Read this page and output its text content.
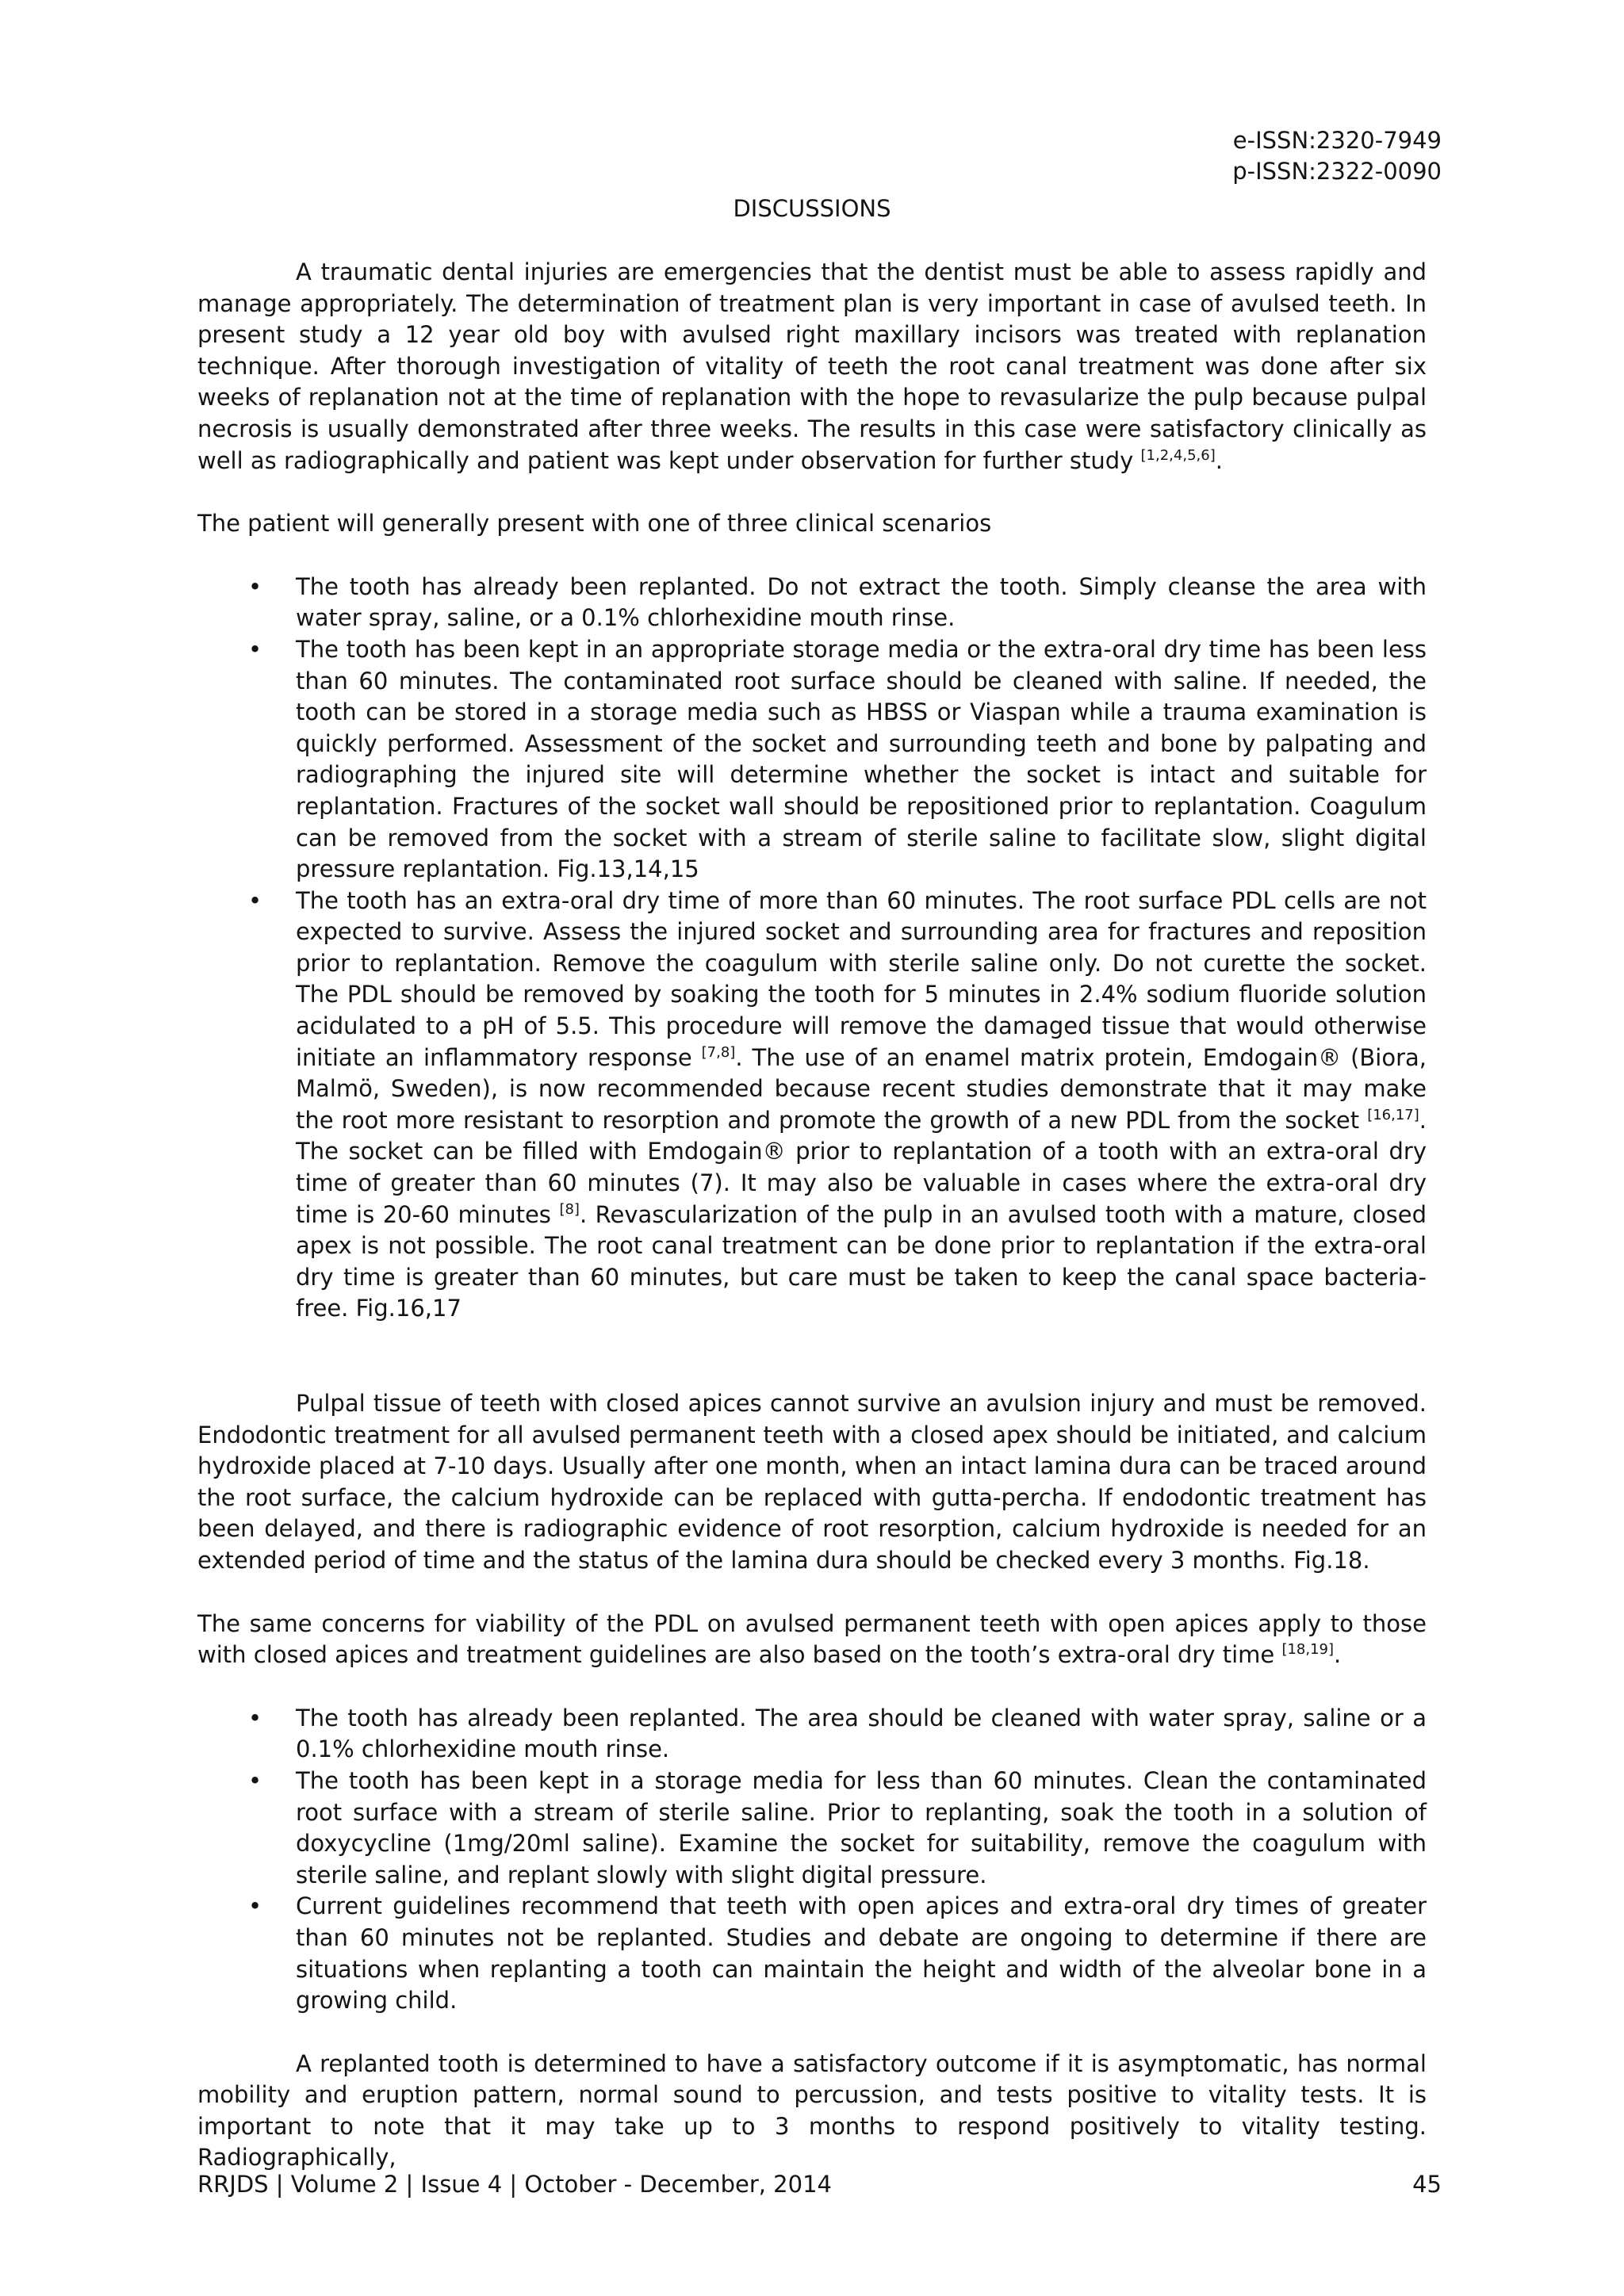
e-ISSN:2320-7949
p-ISSN:2322-0090
DISCUSSIONS

A traumatic dental injuries are emergencies that the dentist must be able to assess rapidly and manage appropriately. The determination of treatment plan is very important in case of avulsed teeth. In present study a 12 year old boy with avulsed right maxillary incisors was treated with replanation technique. After thorough investigation of vitality of teeth the root canal treatment was done after six weeks of replanation not at the time of replanation with the hope to revasularize the pulp because pulpal necrosis is usually demonstrated after three weeks. The results in this case were satisfactory clinically as well as radiographically and patient was kept under observation for further study [1,2,4,5,6].

The patient will generally present with one of three clinical scenarios

• The tooth has already been replanted. Do not extract the tooth. Simply cleanse the area with water spray, saline, or a 0.1% chlorhexidine mouth rinse.
• The tooth has been kept in an appropriate storage media or the extra-oral dry time has been less than 60 minutes. The contaminated root surface should be cleaned with saline. If needed, the tooth can be stored in a storage media such as HBSS or Viaspan while a trauma examination is quickly performed. Assessment of the socket and surrounding teeth and bone by palpating and radiographing the injured site will determine whether the socket is intact and suitable for replantation. Fractures of the socket wall should be repositioned prior to replantation. Coagulum can be removed from the socket with a stream of sterile saline to facilitate slow, slight digital pressure replantation. Fig.13,14,15
• The tooth has an extra-oral dry time of more than 60 minutes. The root surface PDL cells are not expected to survive. Assess the injured socket and surrounding area for fractures and reposition prior to replantation. Remove the coagulum with sterile saline only. Do not curette the socket. The PDL should be removed by soaking the tooth for 5 minutes in 2.4% sodium fluoride solution acidulated to a pH of 5.5. This procedure will remove the damaged tissue that would otherwise initiate an inflammatory response [7,8]. The use of an enamel matrix protein, Emdogain® (Biora, Malmö, Sweden), is now recommended because recent studies demonstrate that it may make the root more resistant to resorption and promote the growth of a new PDL from the socket [16,17]. The socket can be filled with Emdogain® prior to replantation of a tooth with an extra-oral dry time of greater than 60 minutes (7). It may also be valuable in cases where the extra-oral dry time is 20-60 minutes [8]. Revascularization of the pulp in an avulsed tooth with a mature, closed apex is not possible. The root canal treatment can be done prior to replantation if the extra-oral dry time is greater than 60 minutes, but care must be taken to keep the canal space bacteria-free. Fig.16,17

Pulpal tissue of teeth with closed apices cannot survive an avulsion injury and must be removed. Endodontic treatment for all avulsed permanent teeth with a closed apex should be initiated, and calcium hydroxide placed at 7-10 days. Usually after one month, when an intact lamina dura can be traced around the root surface, the calcium hydroxide can be replaced with gutta-percha. If endodontic treatment has been delayed, and there is radiographic evidence of root resorption, calcium hydroxide is needed for an extended period of time and the status of the lamina dura should be checked every 3 months. Fig.18.

The same concerns for viability of the PDL on avulsed permanent teeth with open apices apply to those with closed apices and treatment guidelines are also based on the tooth’s extra-oral dry time [18,19].

• The tooth has already been replanted. The area should be cleaned with water spray, saline or a 0.1% chlorhexidine mouth rinse.
• The tooth has been kept in a storage media for less than 60 minutes. Clean the contaminated root surface with a stream of sterile saline. Prior to replanting, soak the tooth in a solution of doxycycline (1mg/20ml saline). Examine the socket for suitability, remove the coagulum with sterile saline, and replant slowly with slight digital pressure.
• Current guidelines recommend that teeth with open apices and extra-oral dry times of greater than 60 minutes not be replanted. Studies and debate are ongoing to determine if there are situations when replanting a tooth can maintain the height and width of the alveolar bone in a growing child.

A replanted tooth is determined to have a satisfactory outcome if it is asymptomatic, has normal mobility and eruption pattern, normal sound to percussion, and tests positive to vitality tests. It is important to note that it may take up to 3 months to respond positively to vitality testing. Radiographically,

RRJDS | Volume 2 | Issue 4 | October - December, 2014	45
